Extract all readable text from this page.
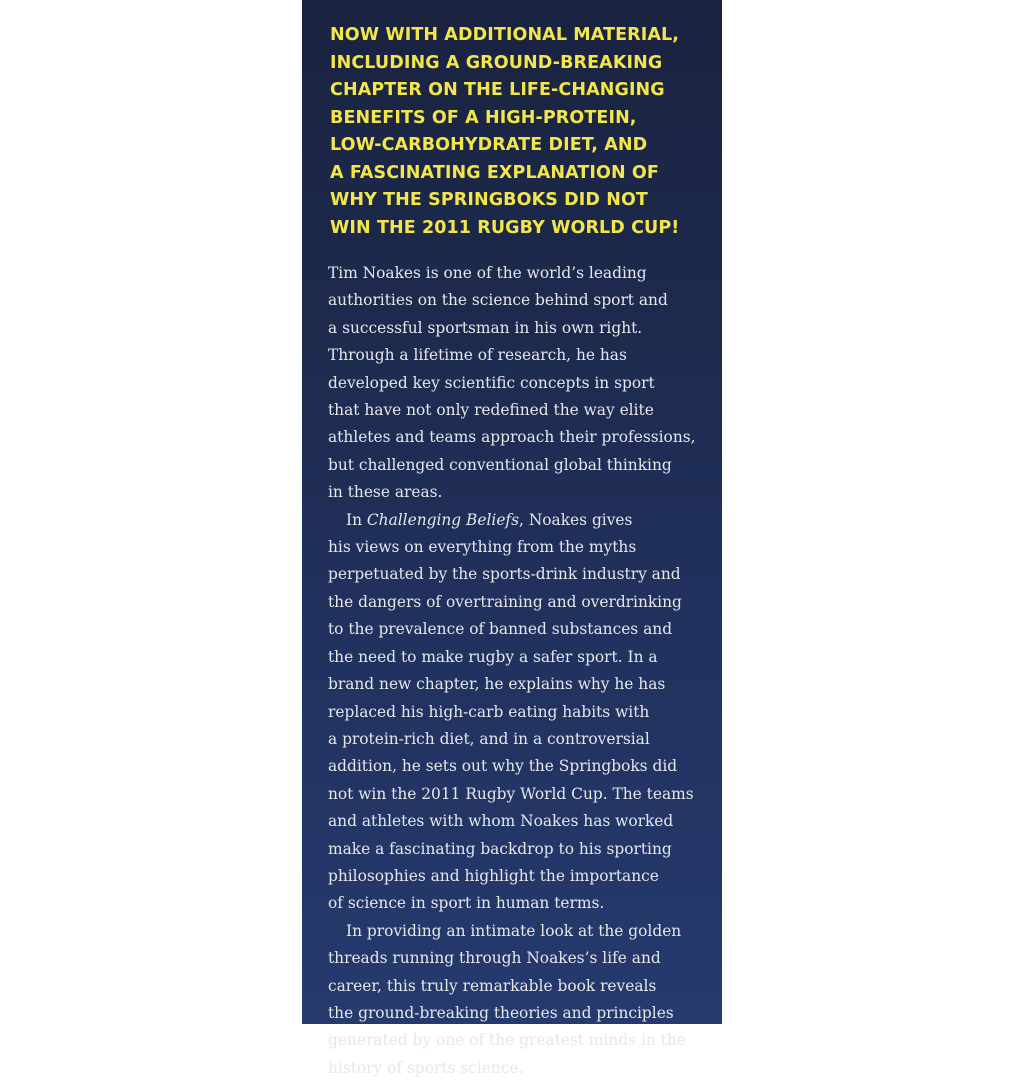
NOW WITH ADDITIONAL MATERIAL,
INCLUDING A GROUND-BREAKING
CHAPTER ON THE LIFE-CHANGING
BENEFITS OF A HIGH-PROTEIN,
LOW-CARBOHYDRATE DIET, AND
A FASCINATING EXPLANATION OF
WHY THE SPRINGBOKS DID NOT
WIN THE 2011 RUGBY WORLD CUP!
Tim Noakes is one of the world’s leading
authorities on the science behind sport and
a successful sportsman in his own right.
Through a lifetime of research, he has
developed key scientific concepts in sport
that have not only redefined the way elite
athletes and teams approach their professions,
but challenged conventional global thinking
in these areas.
In Challenging Beliefs, Noakes gives
his views on everything from the myths
perpetuated by the sports-drink industry and
the dangers of overtraining and overdrinking
to the prevalence of banned substances and
the need to make rugby a safer sport. In a
brand new chapter, he explains why he has
replaced his high-carb eating habits with
a protein-rich diet, and in a controversial
addition, he sets out why the Springboks did
not win the 2011 Rugby World Cup. The teams
and athletes with whom Noakes has worked
make a fascinating backdrop to his sporting
philosophies and highlight the importance
of science in sport in human terms.
In providing an intimate look at the golden
threads running through Noakes’s life and
career, this truly remarkable book reveals
the ground-breaking theories and principles
generated by one of the greatest minds in the
history of sports science.
